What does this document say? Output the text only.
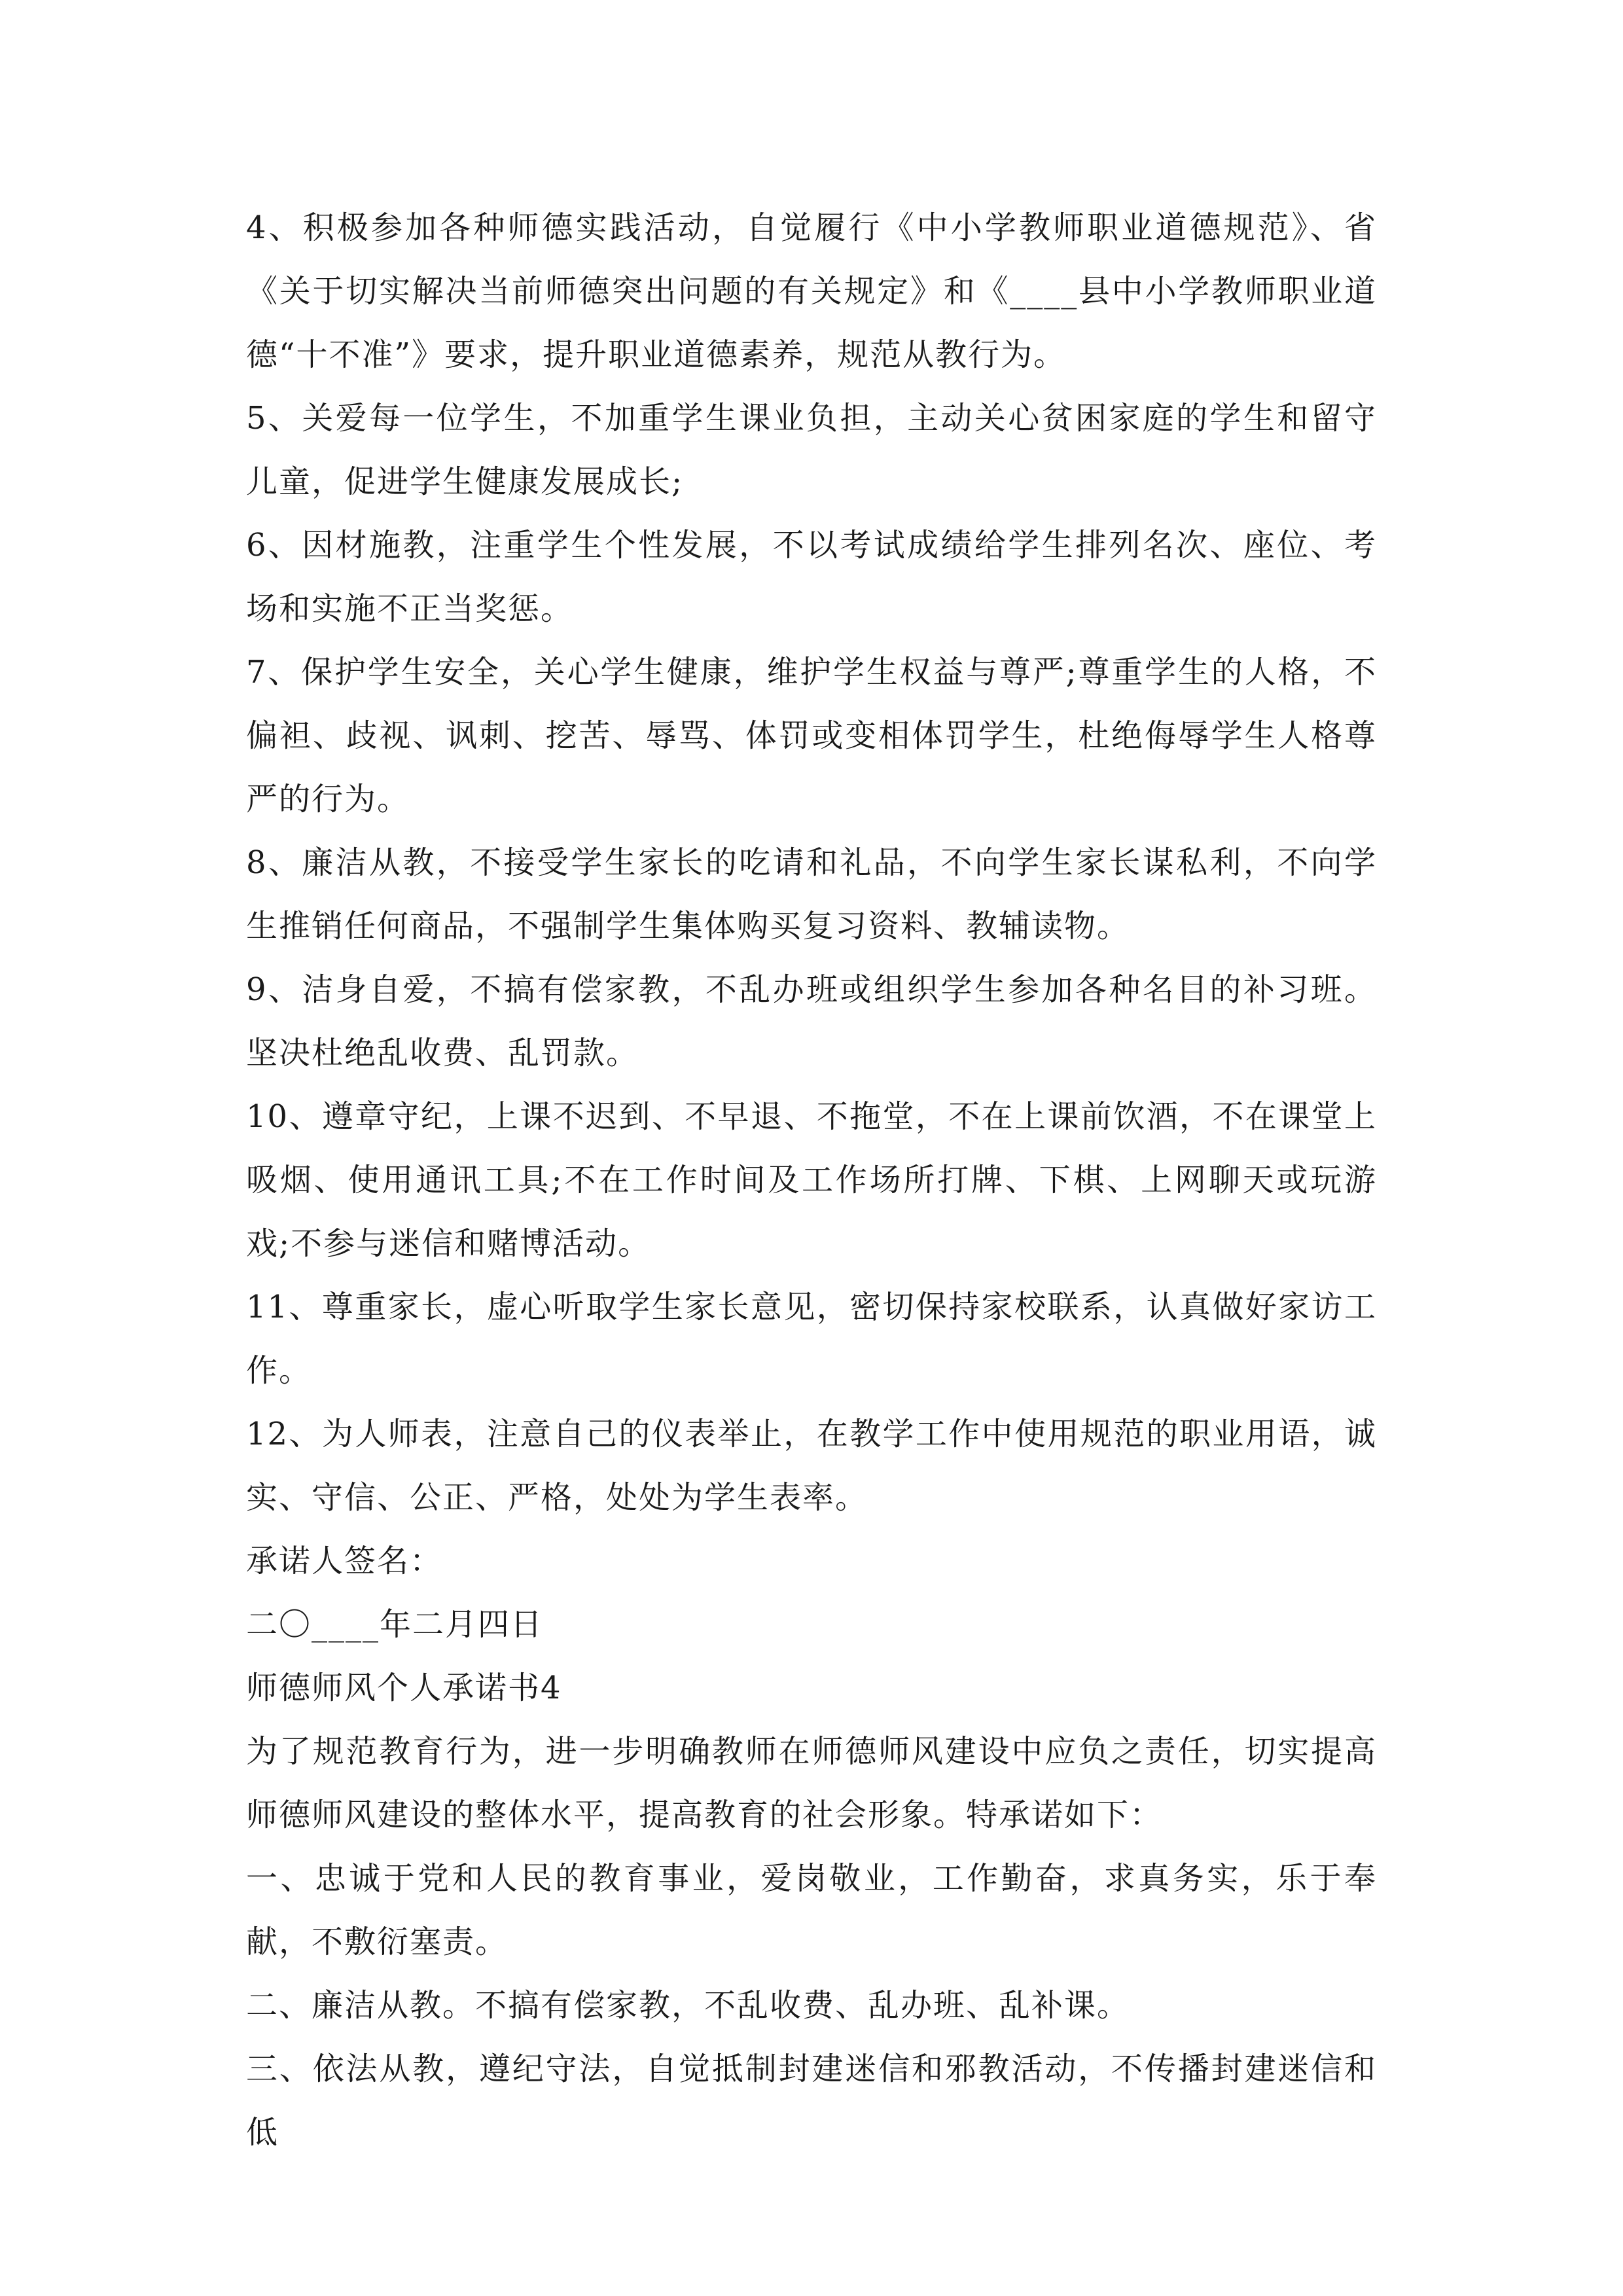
4、积极参加各种师德实践活动，自觉履行《中小学教师职业道德规范》、省《关于切实解决当前师德突出问题的有关规定》和《____县中小学教师职业道德“十不准”》要求，提升职业道德素养，规范从教行为。

5、关爱每一位学生，不加重学生课业负担，主动关心贫困家庭的学生和留守儿童，促进学生健康发展成长;

6、因材施教，注重学生个性发展，不以考试成绩给学生排列名次、座位、考场和实施不正当奖惩。

7、保护学生安全，关心学生健康，维护学生权益与尊严;尊重学生的人格，不偏袒、歧视、讽刺、挖苦、辱骂、体罚或变相体罚学生，杜绝侮辱学生人格尊严的行为。

8、廉洁从教，不接受学生家长的吃请和礼品，不向学生家长谋私利，不向学生推销任何商品，不强制学生集体购买复习资料、教辅读物。

9、洁身自爱，不搞有偿家教，不乱办班或组织学生参加各种名目的补习班。坚决杜绝乱收费、乱罚款。

10、遵章守纪，上课不迟到、不早退、不拖堂，不在上课前饮酒，不在课堂上吸烟、使用通讯工具;不在工作时间及工作场所打牌、下棋、上网聊天或玩游戏;不参与迷信和赌博活动。

11、尊重家长，虚心听取学生家长意见，密切保持家校联系，认真做好家访工作。

12、为人师表，注意自己的仪表举止，在教学工作中使用规范的职业用语，诚实、守信、公正、严格，处处为学生表率。

承诺人签名：

二〇____年二月四日

师德师风个人承诺书4

为了规范教育行为，进一步明确教师在师德师风建设中应负之责任，切实提高师德师风建设的整体水平，提高教育的社会形象。特承诺如下：

一、忠诚于党和人民的教育事业，爱岗敬业，工作勤奋，求真务实，乐于奉献，不敷衍塞责。

二、廉洁从教。不搞有偿家教，不乱收费、乱办班、乱补课。

三、依法从教，遵纪守法，自觉抵制封建迷信和邪教活动，不传播封建迷信和低
